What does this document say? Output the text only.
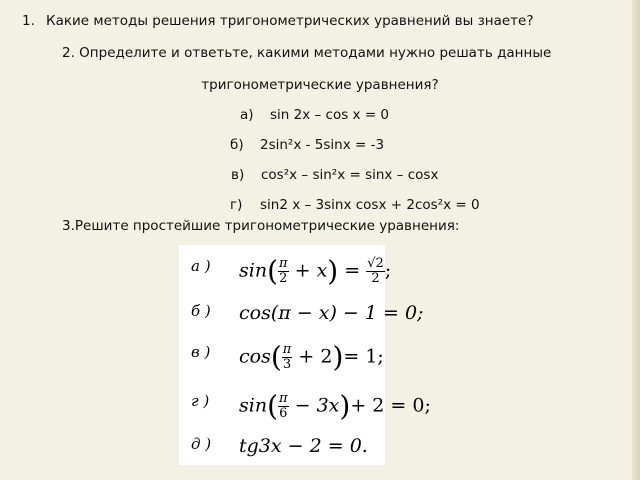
1. Какие методы решения тригонометрических уравнений вы знаете?
2. Определите и ответьте, какими методами нужно решать данные
тригонометрические уравнения?
а) sin 2x – cos x = 0
б) 2sin²x - 5sinx = -3
в) cos²x – sin²x = sinx – cosx
г) sin2 x – 3sinx cosx + 2cos²x = 0
3.Решите простейшие тригонометрические уравнения:
а ) $\sin( \frac{\pi}{2} + x) = \frac{√2}{2}$ ;
б ) cos(π − x) − 1 = 0;
в ) $\cos( \frac{\pi}{3} + 2)= 1$;
г ) $\sin( \frac{\pi}{6} - 3x)+ 2 = 0$;
д ) tg3x − 2 = 0.
